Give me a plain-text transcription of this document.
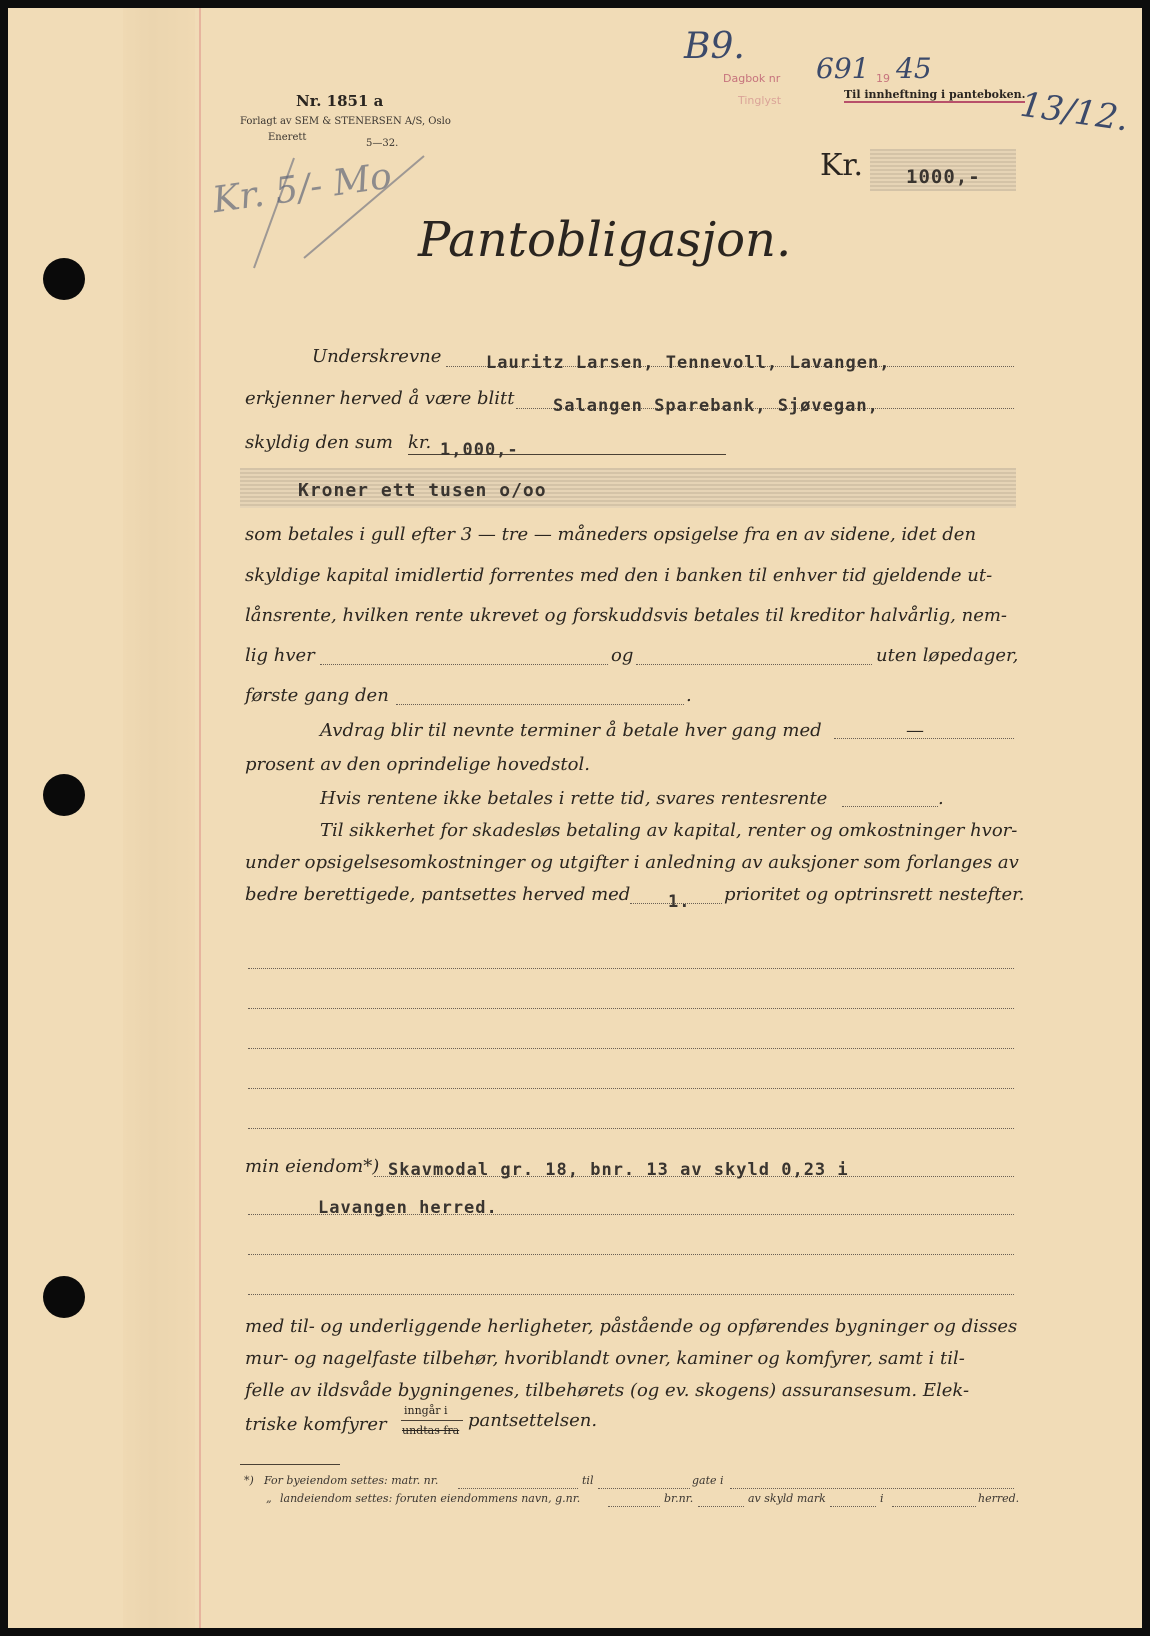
B9.
Dagbok nr 691 19 45
Tinglyst	Til innheftning i panteboken.
13/12.
Nr. 1851 a
Forlagt av SEM & STENERSEN A/S, Oslo
Enerett
5—32.
Kr. 5/- Mo	Kr. 1000,-
Pantobligasjon.
Underskrevne	Lauritz Larsen, Tennevoll, Lavangen,
erkjenner herved å være blitt Salangen Sparebank, Sjøvegan,
skyldig den sum kr. 1,000,-
Kroner ett tusen o/oo
som betales i gull efter 3 — tre — måneders opsigelse fra en av sidene, idet den
skyldige kapital imidlertid forrentes med den i banken til enhver tid gjeldende ut-
lånsrente, hvilken rente ukrevet og forskuddsvis betales til kreditor halvårlig, nem-
lig hver	og	uten løpedager,
første gang den	.
Avdrag blir til nevnte terminer å betale hver gang med	—
prosent av den oprindelige hovedstol.
Hvis rentene ikke betales i rette tid, svares rentesrente	.
Til sikkerhet for skadesløs betaling av kapital, renter og omkostninger hvor-
under opsigelsesomkostninger og utgifter i anledning av auksjoner som forlanges av
bedre berettigede, pantsettes herved med 1. prioritet og optrinsrett nestefter.
min eiendom*) Skavmodal gr. 18, bnr. 13 av skyld 0,23 i
Lavangen herred.
med til- og underliggende herligheter, påstående og opførendes bygninger og disses
mur- og nagelfaste tilbehør, hvoriblandt ovner, kaminer og komfyrer, samt i til-
felle av ildsvåde bygningenes, tilbehørets (og ev. skogens) assuransesum. Elek-
triske komfyrer
inngår i
undtas fra pantsettelsen.
*) For byeiendom settes: matr. nr.	til	gate i
„ landeiendom settes: foruten eiendommens navn, g.nr.	br.nr.	av skyld mark	i	herred.
